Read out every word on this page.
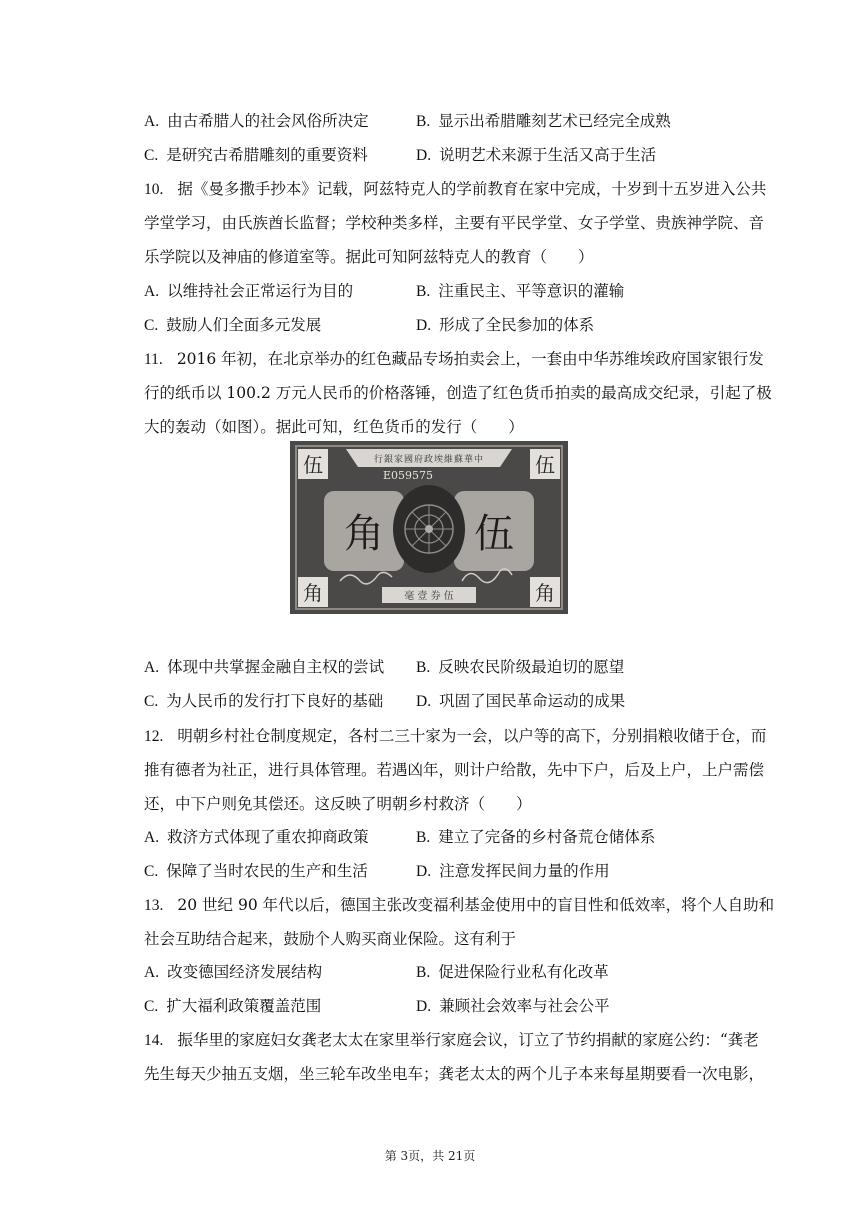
A. 由古希腊人的社会风俗所决定	B. 显示出希腊雕刻艺术已经完全成熟
C. 是研究古希腊雕刻的重要资料	D. 说明艺术来源于生活又高于生活
10. 据《曼多撒手抄本》记载，阿兹特克人的学前教育在家中完成，十岁到十五岁进入公共
学堂学习，由氏族酋长监督；学校种类多样，主要有平民学堂、女子学堂、贵族神学院、音
乐学院以及神庙的修道室等。据此可知阿兹特克人的教育（　　）
A. 以维持社会正常运行为目的	B. 注重民主、平等意识的灌输
C. 鼓励人们全面多元发展	D. 形成了全民参加的体系
11. 2016 年初，在北京举办的红色藏品专场拍卖会上，一套由中华苏维埃政府国家银行发
行的纸币以 100.2 万元人民币的价格落锤，创造了红色货币拍卖的最高成交纪录，引起了极
大的轰动（如图）。据此可知，红色货币的发行（　　）
行銀家國府政埃維蘇華中
E059575
伍	伍
角	角
角 伍
毫 壹 券 伍
A. 体现中共掌握金融自主权的尝试 B. 反映农民阶级最迫切的愿望
C. 为人民币的发行打下良好的基础 D. 巩固了国民革命运动的成果
12. 明朝乡村社仓制度规定，各村二三十家为一会，以户等的高下，分别捐粮收储于仓，而
推有德者为社正，进行具体管理。若遇凶年，则计户给散，先中下户，后及上户，上户需偿
还，中下户则免其偿还。这反映了明朝乡村救济（　　）
A. 救济方式体现了重农抑商政策	B. 建立了完备的乡村备荒仓储体系
C. 保障了当时农民的生产和生活	D. 注意发挥民间力量的作用
13. 20 世纪 90 年代以后，德国主张改变福利基金使用中的盲目性和低效率，将个人自助和
社会互助结合起来，鼓励个人购买商业保险。这有利于
A. 改变德国经济发展结构	B. 促进保险行业私有化改革
C. 扩大福利政策覆盖范围	D. 兼顾社会效率与社会公平
14. 振华里的家庭妇女龚老太太在家里举行家庭会议，订立了节约捐献的家庭公约：“龚老
先生每天少抽五支烟，坐三轮车改坐电车；龚老太太的两个儿子本来每星期要看一次电影，
第 3页，共 21页
